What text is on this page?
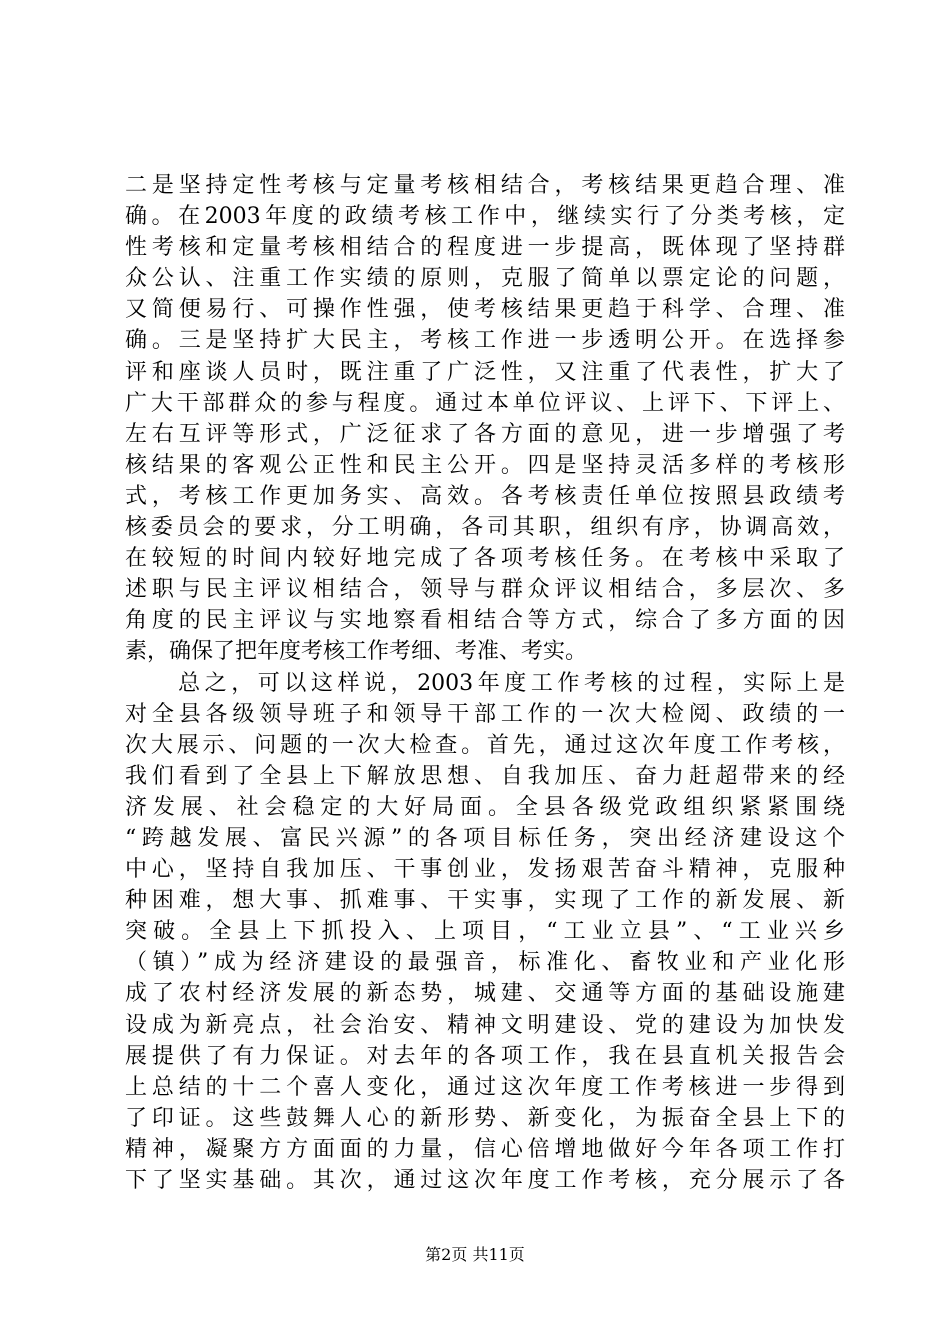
二是坚持定性考核与定量考核相结合，考核结果更趋合理、准
确。在2003年度的政绩考核工作中，继续实行了分类考核，定
性考核和定量考核相结合的程度进一步提高，既体现了坚持群
众公认、注重工作实绩的原则，克服了简单以票定论的问题，
又简便易行、可操作性强，使考核结果更趋于科学、合理、准
确。三是坚持扩大民主，考核工作进一步透明公开。在选择参
评和座谈人员时，既注重了广泛性，又注重了代表性，扩大了
广大干部群众的参与程度。通过本单位评议、上评下、下评上、
左右互评等形式，广泛征求了各方面的意见，进一步增强了考
核结果的客观公正性和民主公开。四是坚持灵活多样的考核形
式，考核工作更加务实、高效。各考核责任单位按照县政绩考
核委员会的要求，分工明确，各司其职，组织有序，协调高效，
在较短的时间内较好地完成了各项考核任务。在考核中采取了
述职与民主评议相结合，领导与群众评议相结合，多层次、多
角度的民主评议与实地察看相结合等方式，综合了多方面的因
素，确保了把年度考核工作考细、考准、考实。
　　总之，可以这样说，2003年度工作考核的过程，实际上是
对全县各级领导班子和领导干部工作的一次大检阅、政绩的一
次大展示、问题的一次大检查。首先，通过这次年度工作考核，
我们看到了全县上下解放思想、自我加压、奋力赶超带来的经
济发展、社会稳定的大好局面。全县各级党政组织紧紧围绕
“跨越发展、富民兴源”的各项目标任务，突出经济建设这个
中心，坚持自我加压、干事创业，发扬艰苦奋斗精神，克服种
种困难，想大事、抓难事、干实事，实现了工作的新发展、新
突破。全县上下抓投入、上项目，“工业立县”、“工业兴乡
（镇）”成为经济建设的最强音，标准化、畜牧业和产业化形
成了农村经济发展的新态势，城建、交通等方面的基础设施建
设成为新亮点，社会治安、精神文明建设、党的建设为加快发
展提供了有力保证。对去年的各项工作，我在县直机关报告会
上总结的十二个喜人变化，通过这次年度工作考核进一步得到
了印证。这些鼓舞人心的新形势、新变化，为振奋全县上下的
精神，凝聚方方面面的力量，信心倍增地做好今年各项工作打
下了坚实基础。其次，通过这次年度工作考核，充分展示了各
第2页 共11页
